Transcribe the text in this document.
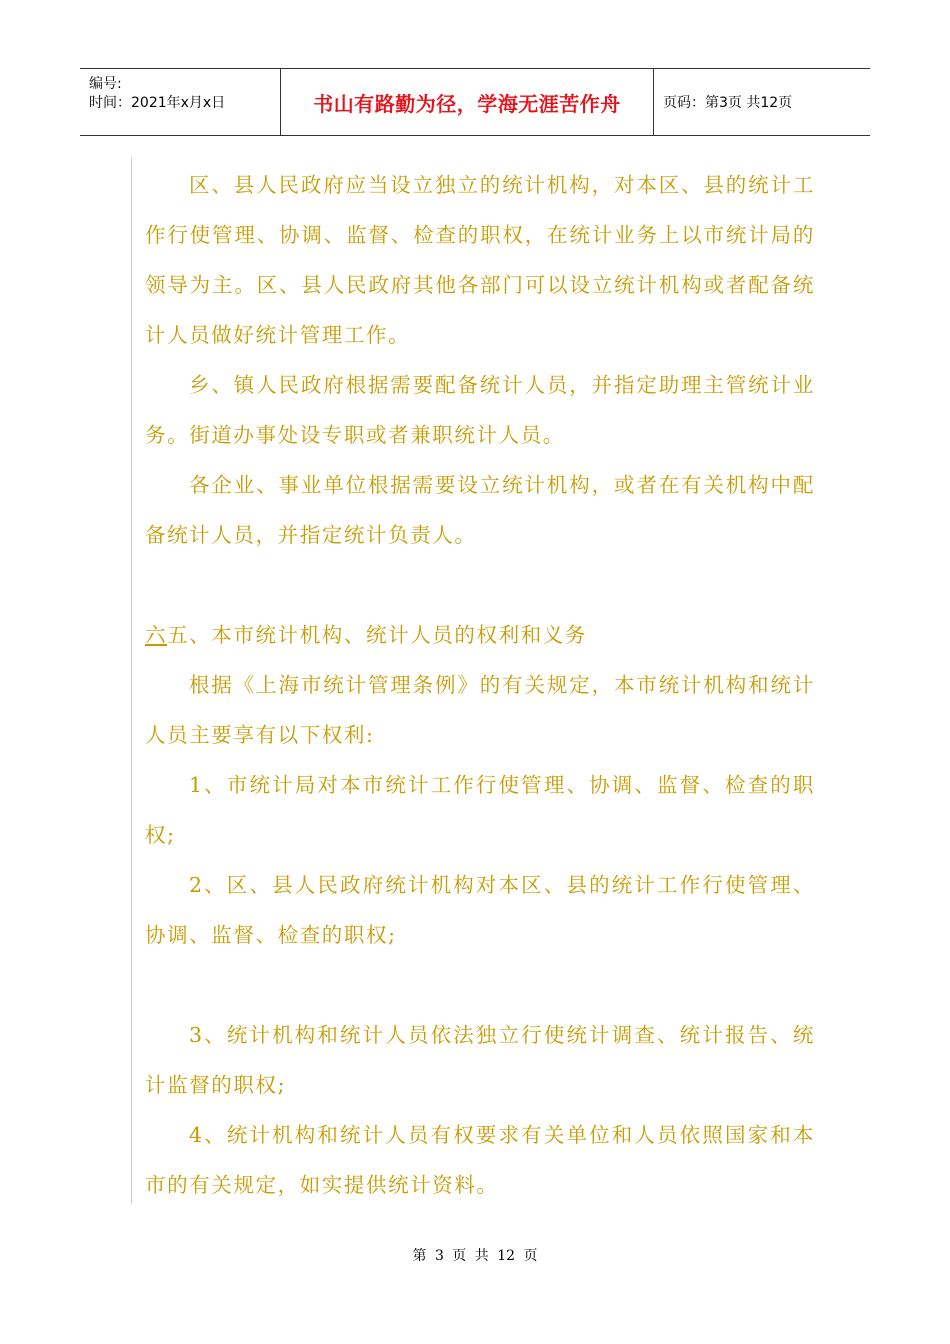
编号:
时间：2021年x月x日	书山有路勤为径，学海无涯苦作舟	页码：第3页 共12页

区、县人民政府应当设立独立的统计机构，对本区、县的统计工作行使管理、协调、监督、检查的职权，在统计业务上以市统计局的领导为主。区、县人民政府其他各部门可以设立统计机构或者配备统计人员做好统计管理工作。

乡、镇人民政府根据需要配备统计人员，并指定助理主管统计业务。街道办事处设专职或者兼职统计人员。

各企业、事业单位根据需要设立统计机构，或者在有关机构中配备统计人员，并指定统计负责人。

六五、本市统计机构、统计人员的权利和义务

根据《上海市统计管理条例》的有关规定，本市统计机构和统计人员主要享有以下权利:

1、市统计局对本市统计工作行使管理、协调、监督、检查的职权;

2、区、县人民政府统计机构对本区、县的统计工作行使管理、协调、监督、检查的职权;

3、统计机构和统计人员依法独立行使统计调查、统计报告、统计监督的职权;

4、统计机构和统计人员有权要求有关单位和人员依照国家和本市的有关规定，如实提供统计资料。

第 3 页 共 12 页
